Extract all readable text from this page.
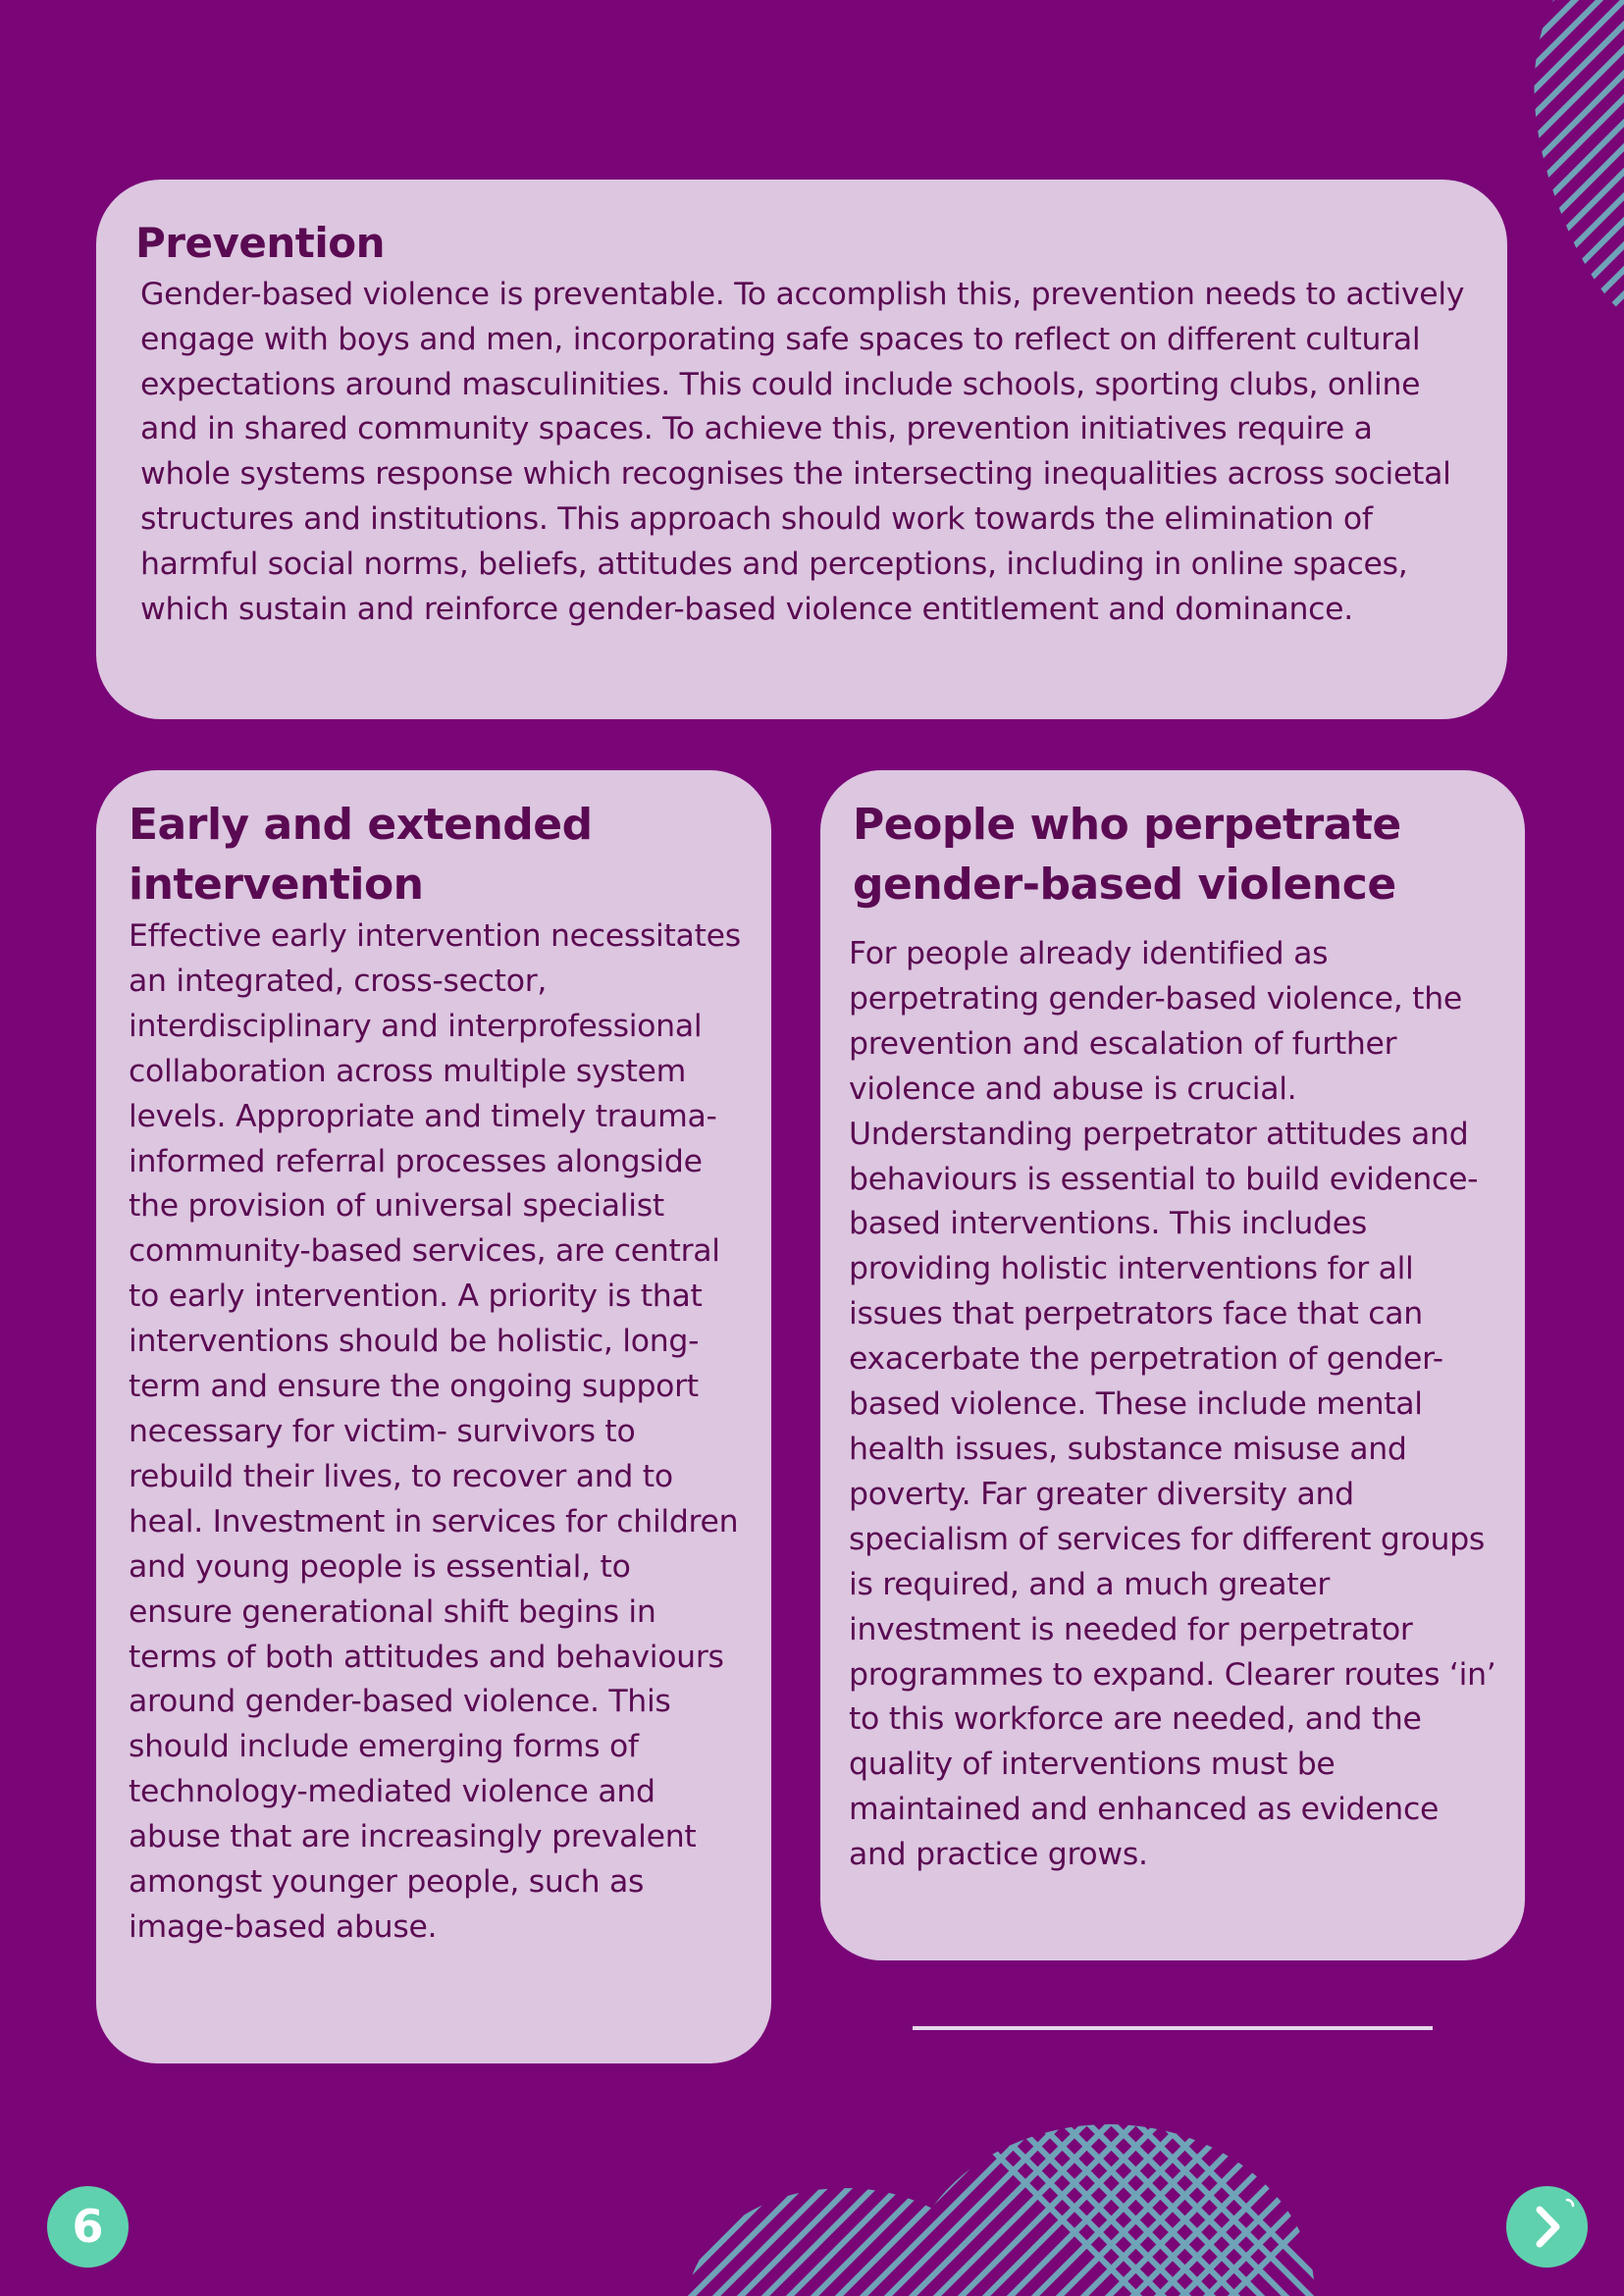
Prevention

Gender-based violence is preventable. To accomplish this, prevention needs to actively engage with boys and men, incorporating safe spaces to reflect on different cultural expectations around masculinities. This could include schools, sporting clubs, online and in shared community spaces. To achieve this, prevention initiatives require a whole systems response which recognises the intersecting inequalities across societal structures and institutions. This approach should work towards the elimination of harmful social norms, beliefs, attitudes and perceptions, including in online spaces, which sustain and reinforce gender-based violence entitlement and dominance.

Early and extended intervention

Effective early intervention necessitates an integrated, cross-sector, interdisciplinary and interprofessional collaboration across multiple system levels. Appropriate and timely trauma-informed referral processes alongside the provision of universal specialist community-based services, are central to early intervention. A priority is that interventions should be holistic, long-term and ensure the ongoing support necessary for victim- survivors to rebuild their lives, to recover and to heal. Investment in services for children and young people is essential, to ensure generational shift begins in terms of both attitudes and behaviours around gender-based violence. This should include emerging forms of technology-mediated violence and abuse that are increasingly prevalent amongst younger people, such as image-based abuse.

People who perpetrate gender-based violence

For people already identified as perpetrating gender-based violence, the prevention and escalation of further violence and abuse is crucial. Understanding perpetrator attitudes and behaviours is essential to build evidence-based interventions. This includes providing holistic interventions for all issues that perpetrators face that can exacerbate the perpetration of gender-based violence. These include mental health issues, substance misuse and poverty. Far greater diversity and specialism of services for different groups is required, and a much greater investment is needed for perpetrator programmes to expand. Clearer routes ‘in’ to this workforce are needed, and the quality of interventions must be maintained and enhanced as evidence and practice grows.

6
